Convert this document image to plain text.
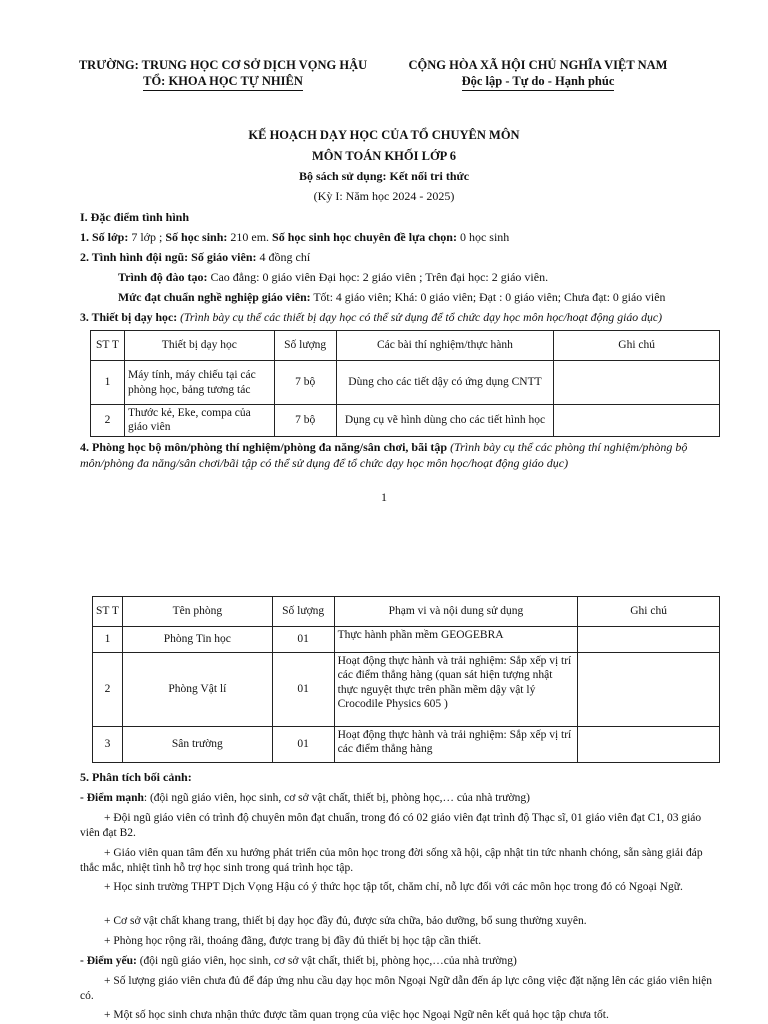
TRƯỜNG: TRUNG HỌC CƠ SỞ DỊCH VỌNG HẬU
TỔ: KHOA HỌC TỰ NHIÊN
CỘNG HÒA XÃ HỘI CHỦ NGHĨA VIỆT NAM
Độc lập - Tự do - Hạnh phúc
KẾ HOẠCH DẠY HỌC CỦA TỔ CHUYÊN MÔN
MÔN TOÁN KHỐI LỚP 6
Bộ sách sử dụng: Kết nối tri thức
(Kỳ I: Năm học 2024 - 2025)
I. Đặc điểm tình hình
1. Số lớp: 7 lớp ; Số học sinh: 210 em. Số học sinh học chuyên đề lựa chọn: 0 học sinh
2. Tình hình đội ngũ: Số giáo viên: 4 đồng chí
Trình độ đào tạo: Cao đẳng: 0 giáo viên Đại học: 2 giáo viên ; Trên đại học: 2 giáo viên.
Mức đạt chuẩn nghề nghiệp giáo viên: Tốt: 4 giáo viên; Khá: 0 giáo viên; Đạt : 0 giáo viên; Chưa đạt: 0 giáo viên
3. Thiết bị dạy học: (Trình bày cụ thể các thiết bị dạy học có thể sử dụng để tổ chức dạy học môn học/hoạt động giáo dục)
ST T	Thiết bị dạy học	Số lượng	Các bài thí nghiệm/thực hành	Ghi chú
1	Máy tính, máy chiếu tại các phòng học, bảng tương tác	7 bộ	Dùng cho các tiết dậy có ứng dụng CNTT	
2	Thước kẻ, Eke, compa của giáo viên	7 bộ	Dụng cụ vẽ hình dùng cho các tiết hình học	
4. Phòng học bộ môn/phòng thí nghiệm/phòng đa năng/sân chơi, bãi tập (Trình bày cụ thể các phòng thí nghiệm/phòng bộ môn/phòng đa năng/sân chơi/bãi tập có thể sử dụng để tổ chức dạy học môn học/hoạt động giáo dục)
1
ST T	Tên phòng	Số lượng	Phạm vi và nội dung sử dụng	Ghi chú
1	Phòng Tin học	01	Thực hành phần mềm GEOGEBRA	
2	Phòng Vật lí	01	Hoạt động thực hành và trải nghiệm: Sắp xếp vị trí các điểm thẳng hàng (quan sát hiện tượng nhật thực nguyệt thực trên phần mềm dậy vật lý Crocodile Physics 605 )	
3	Sân trường	01	Hoạt động thực hành và trải nghiệm: Sắp xếp vị trí các điểm thẳng hàng	
5. Phân tích bối cảnh:
- Điểm mạnh: (đội ngũ giáo viên, học sinh, cơ sở vật chất, thiết bị, phòng học,… của nhà trường)
+ Đội ngũ giáo viên có trình độ chuyên môn đạt chuẩn, trong đó có 02 giáo viên đạt trình độ Thạc sĩ, 01 giáo viên đạt C1, 03 giáo viên đạt B2.
+ Giáo viên quan tâm đến xu hướng phát triển của môn học trong đời sống xã hội, cập nhật tin tức nhanh chóng, sẵn sàng giải đáp thắc mắc, nhiệt tình hỗ trợ học sinh trong quá trình học tập.
+ Học sinh trường THPT Dịch Vọng Hậu có ý thức học tập tốt, chăm chỉ, nỗ lực đối với các môn học trong đó có Ngoại Ngữ.
+ Cơ sở vật chất khang trang, thiết bị dạy học đầy đủ, được sửa chữa, bảo dưỡng, bổ sung thường xuyên.
+ Phòng học rộng rãi, thoáng đãng, được trang bị đầy đủ thiết bị học tập cần thiết.
- Điểm yếu: (đội ngũ giáo viên, học sinh, cơ sở vật chất, thiết bị, phòng học,…của nhà trường)
+ Số lượng giáo viên chưa đủ để đáp ứng nhu cầu dạy học môn Ngoại Ngữ dẫn đến áp lực công việc đặt nặng lên các giáo viên hiện có.
+ Một số học sinh chưa nhận thức được tầm quan trọng của việc học Ngoại Ngữ nên kết quả học tập chưa tốt.
